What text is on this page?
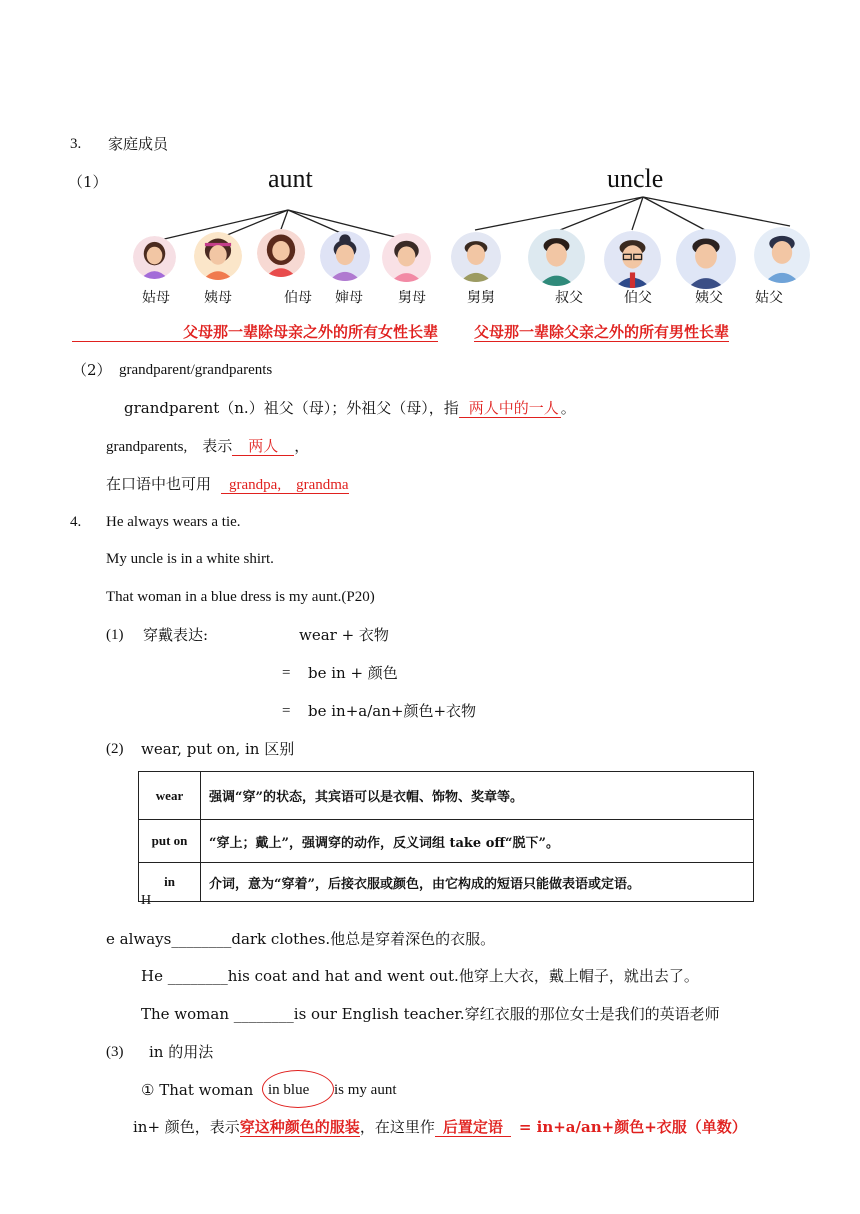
3. 家庭成员
（1）	aunt	uncle
姑母 姨母	伯母 婶母	舅母	舅舅	叔父	伯父	姨父 姑父
父母那一辈除母亲之外的所有女性长辈 父母那一辈除父亲之外的所有男性长辈
（2） grandparent/grandparents
grandparent（n.）祖父（母）；外祖父（母），指 两人中的一人 。
grandparents,　表示 两人 ，
在口语中也可用 grandpa,　grandma
4. He always wears a tie.
My uncle is in a white shirt.
That woman in a blue dress is my aunt.(P20)
(1) 穿戴表达:	wear + 衣物
= be in + 颜色
= be in+a/an+颜色+衣物
(2) wear, put on, in 区别
wear	强调“穿”的状态，其宾语可以是衣帽、饰物、奖章等。
put on	“穿上；戴上”，强调穿的动作，反义词组 take off“脱下”。
in	介词，意为“穿着”，后接衣服或颜色，由它构成的短语只能做表语或定语。
H
e always________dark clothes.他总是穿着深色的衣服。
He ________his coat and hat and went out.他穿上大衣，戴上帽子，就出去了。
The woman ________is our English teacher.穿红衣服的那位女士是我们的英语老师
(3) in 的用法
① That woman in blue is my aunt
in+ 颜色，表示穿这种颜色的服装，在这里作 后置定语 = in+a/an+颜色+衣服（单数）
